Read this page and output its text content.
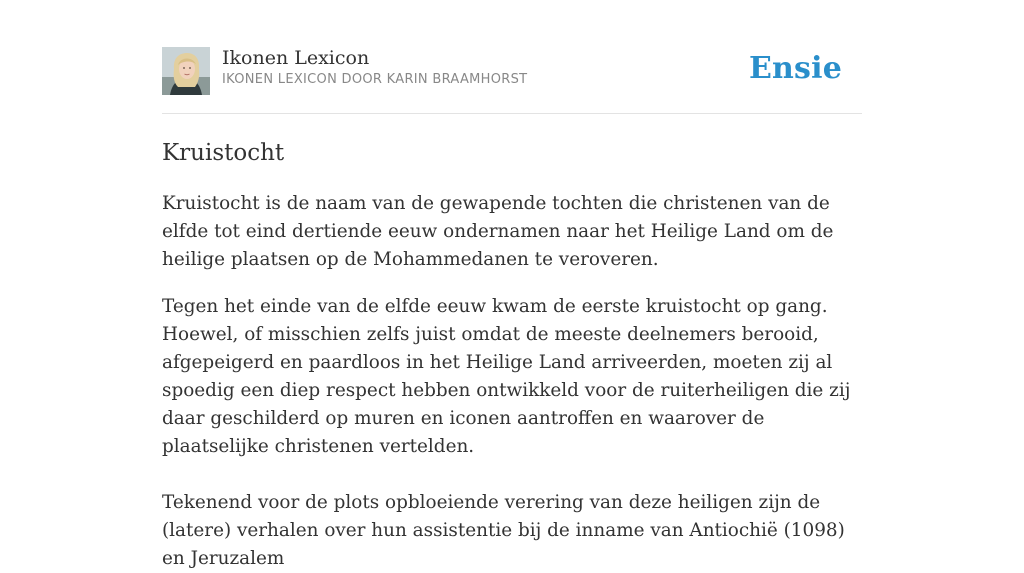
Ikonen Lexicon
IKONEN LEXICON DOOR KARIN BRAAMHORST	Ensie
Kruistocht

Kruistocht is de naam van de gewapende tochten die christenen van de elfde tot eind dertiende eeuw ondernamen naar het Heilige Land om de heilige plaatsen op de Mohammedanen te veroveren.

Tegen het einde van de elfde eeuw kwam de eerste kruistocht op gang. Hoewel, of misschien zelfs juist omdat de meeste deelnemers berooid, afgepeigerd en paardloos in het Heilige Land arriveerden, moeten zij al spoedig een diep respect hebben ontwikkeld voor de ruiterheiligen die zij daar geschilderd op muren en iconen aantroffen en waarover de plaatselijke christenen vertelden.

Tekenend voor de plots opbloeiende verering van deze heiligen zijn de (latere) verhalen over hun assistentie bij de inname van Antiochië (1098) en Jeruzalem
